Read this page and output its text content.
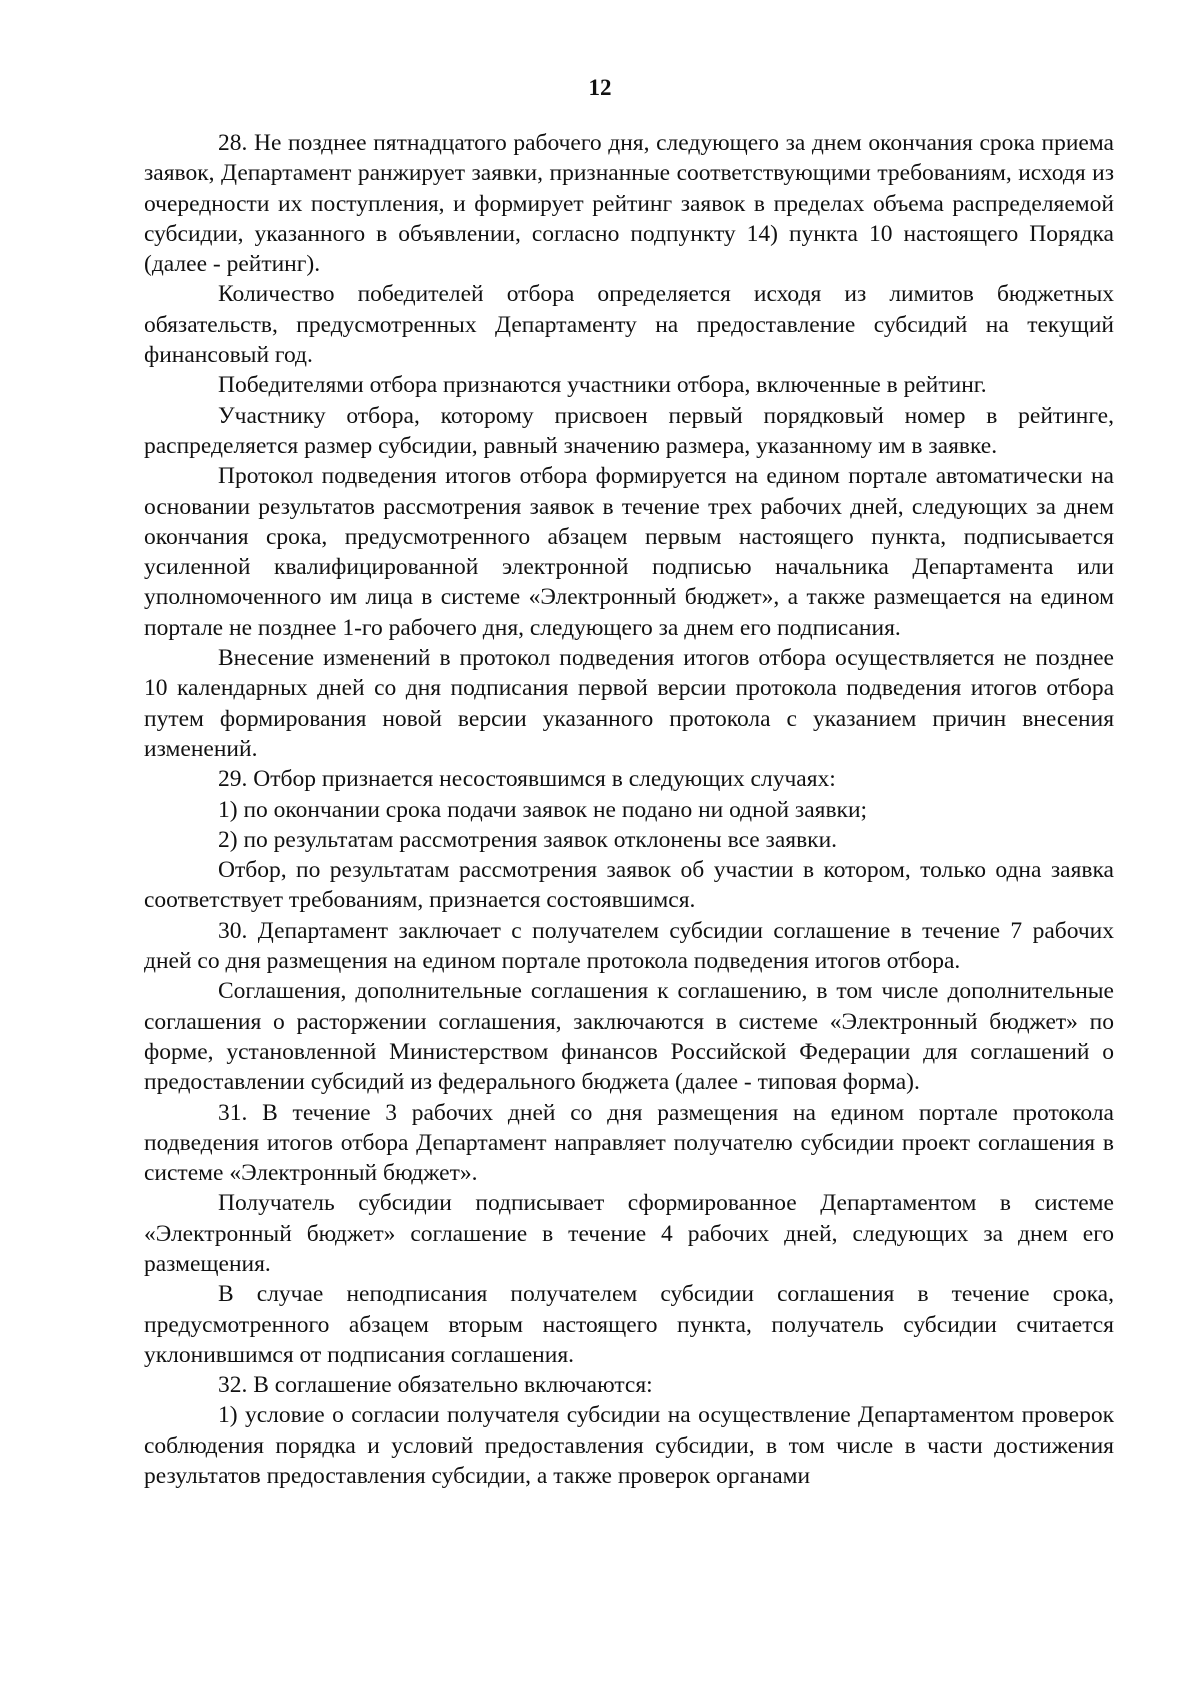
12

28. Не позднее пятнадцатого рабочего дня, следующего за днем окончания срока приема заявок, Департамент ранжирует заявки, признанные соответствующими требованиям, исходя из очередности их поступления, и формирует рейтинг заявок в пределах объема распределяемой субсидии, указанного в объявлении, согласно подпункту 14) пункта 10 настоящего Порядка (далее - рейтинг).

Количество победителей отбора определяется исходя из лимитов бюджетных обязательств, предусмотренных Департаменту на предоставление субсидий на текущий финансовый год.

Победителями отбора признаются участники отбора, включенные в рейтинг.

Участнику отбора, которому присвоен первый порядковый номер в рейтинге, распределяется размер субсидии, равный значению размера, указанному им в заявке.

Протокол подведения итогов отбора формируется на едином портале автоматически на основании результатов рассмотрения заявок в течение трех рабочих дней, следующих за днем окончания срока, предусмотренного абзацем первым настоящего пункта, подписывается усиленной квалифицированной электронной подписью начальника Департамента или уполномоченного им лица в системе «Электронный бюджет», а также размещается на едином портале не позднее 1-го рабочего дня, следующего за днем его подписания.

Внесение изменений в протокол подведения итогов отбора осуществляется не позднее 10 календарных дней со дня подписания первой версии протокола подведения итогов отбора путем формирования новой версии указанного протокола с указанием причин внесения изменений.

29. Отбор признается несостоявшимся в следующих случаях:

1) по окончании срока подачи заявок не подано ни одной заявки;

2) по результатам рассмотрения заявок отклонены все заявки.

Отбор, по результатам рассмотрения заявок об участии в котором, только одна заявка соответствует требованиям, признается состоявшимся.

30. Департамент заключает с получателем субсидии соглашение в течение 7 рабочих дней со дня размещения на едином портале протокола подведения итогов отбора.

Соглашения, дополнительные соглашения к соглашению, в том числе дополнительные соглашения о расторжении соглашения, заключаются в системе «Электронный бюджет» по форме, установленной Министерством финансов Российской Федерации для соглашений о предоставлении субсидий из федерального бюджета (далее - типовая форма).

31. В течение 3 рабочих дней со дня размещения на едином портале протокола подведения итогов отбора Департамент направляет получателю субсидии проект соглашения в системе «Электронный бюджет».

Получатель субсидии подписывает сформированное Департаментом в системе «Электронный бюджет» соглашение в течение 4 рабочих дней, следующих за днем его размещения.

В случае неподписания получателем субсидии соглашения в течение срока, предусмотренного абзацем вторым настоящего пункта, получатель субсидии считается уклонившимся от подписания соглашения.

32. В соглашение обязательно включаются:

1) условие о согласии получателя субсидии на осуществление Департаментом проверок соблюдения порядка и условий предоставления субсидии, в том числе в части достижения результатов предоставления субсидии, а также проверок органами
